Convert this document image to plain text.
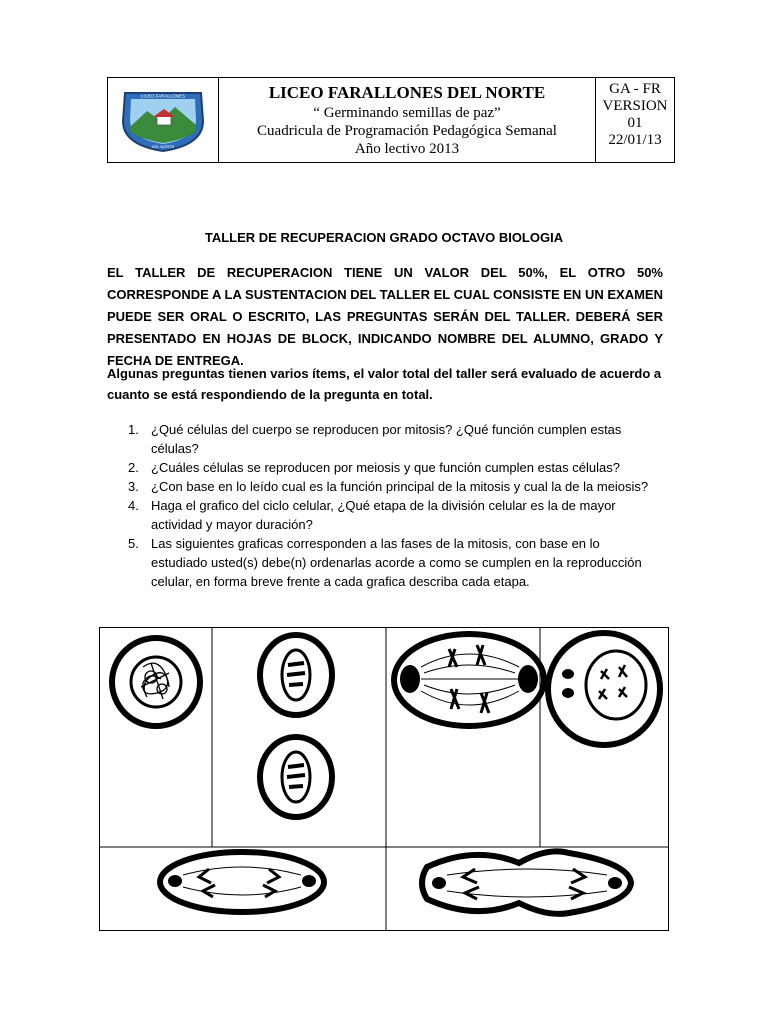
LICEO FARALLONES
DEL NORTE
LICEO FARALLONES DEL NORTE
“ Germinando semillas de paz”
Cuadricula de Programación Pedagógica Semanal
Año lectivo 2013
GA - FR
VERSION
01
22/01/13
TALLER DE RECUPERACION GRADO OCTAVO BIOLOGIA
EL TALLER DE RECUPERACION TIENE UN VALOR DEL 50%, EL OTRO 50% CORRESPONDE A LA SUSTENTACION DEL TALLER EL CUAL CONSISTE EN UN EXAMEN PUEDE SER ORAL O ESCRITO, LAS PREGUNTAS SERÁN DEL TALLER. DEBERÁ SER PRESENTADO EN HOJAS DE BLOCK, INDICANDO NOMBRE DEL ALUMNO, GRADO Y FECHA DE ENTREGA.
Algunas preguntas tienen varios ítems, el valor total del taller será evaluado de acuerdo a cuanto se está respondiendo de la pregunta en total.
1. ¿Qué células del cuerpo se reproducen por mitosis? ¿Qué función cumplen estas células?
2. ¿Cuáles células se reproducen por meiosis y que función cumplen estas células?
3. ¿Con base en lo leído cual es la función principal de la mitosis y cual la de la meiosis?
4. Haga el grafico del ciclo celular, ¿Qué etapa de la división celular es la de mayor actividad y mayor duración?
5. Las siguientes graficas corresponden a las fases de la mitosis, con base en lo estudiado usted(s) debe(n) ordenarlas acorde a como se cumplen en la reproducción celular, en forma breve frente a cada grafica describa cada etapa.
